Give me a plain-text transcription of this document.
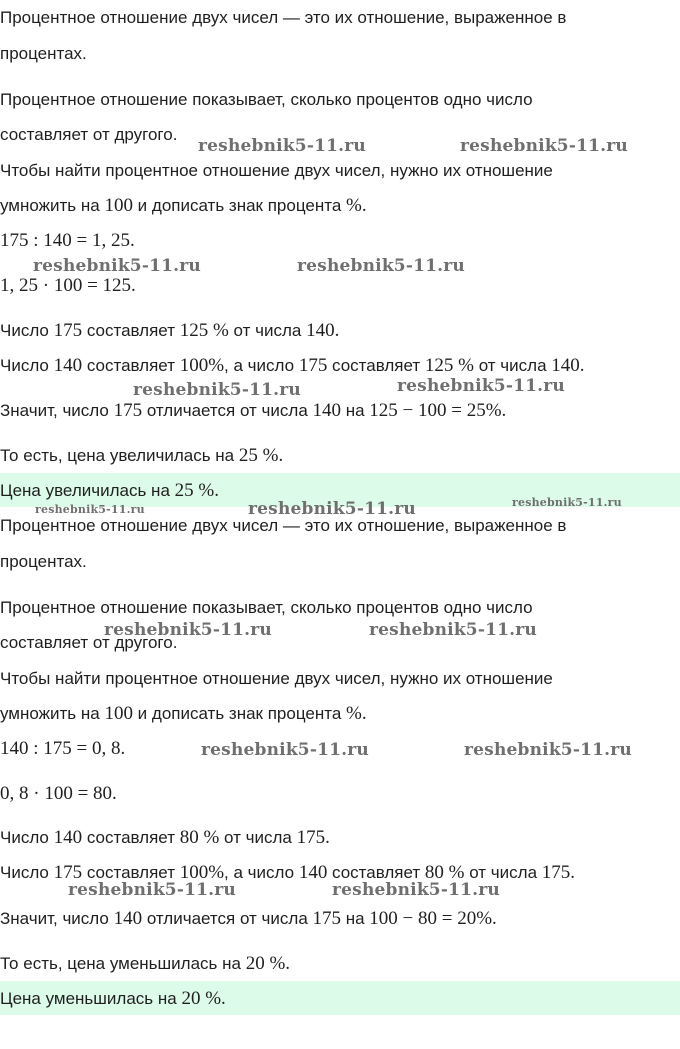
Процентное отношение двух чисел — это их отношение, выраженное в
процентах.
Процентное отношение показывает, сколько процентов одно число
составляет от другого.
Чтобы найти процентное отношение двух чисел, нужно их отношение
умножить на 100 и дописать знак процента %.
175 : 140 = 1, 25.
1, 25 · 100 = 125.
Число 175 составляет 125 % от числа 140.
Число 140 составляет 100%, а число 175 составляет 125 % от числа 140.
Значит, число 175 отличается от числа 140 на 125 − 100 = 25%.
То есть, цена увеличилась на 25 %.
Цена увеличилась на 25 %.
Процентное отношение двух чисел — это их отношение, выраженное в
процентах.
Процентное отношение показывает, сколько процентов одно число
составляет от другого.
Чтобы найти процентное отношение двух чисел, нужно их отношение
умножить на 100 и дописать знак процента %.
140 : 175 = 0, 8.
0, 8 · 100 = 80.
Число 140 составляет 80 % от числа 175.
Число 175 составляет 100%, а число 140 составляет 80 % от числа 175.
Значит, число 140 отличается от числа 175 на 100 − 80 = 20%.
То есть, цена уменьшилась на 20 %.
Цена уменьшилась на 20 %.
reshebnik5-11.ru	reshebnik5-11.ru
reshebnik5-11.ru	reshebnik5-11.ru
reshebnik5-11.ru	reshebnik5-11.ru
reshebnik5-11.ru	reshebnik5-11.ru	reshebnik5-11.ru
reshebnik5-11.ru	reshebnik5-11.ru
reshebnik5-11.ru	reshebnik5-11.ru
reshebnik5-11.ru	reshebnik5-11.ru
